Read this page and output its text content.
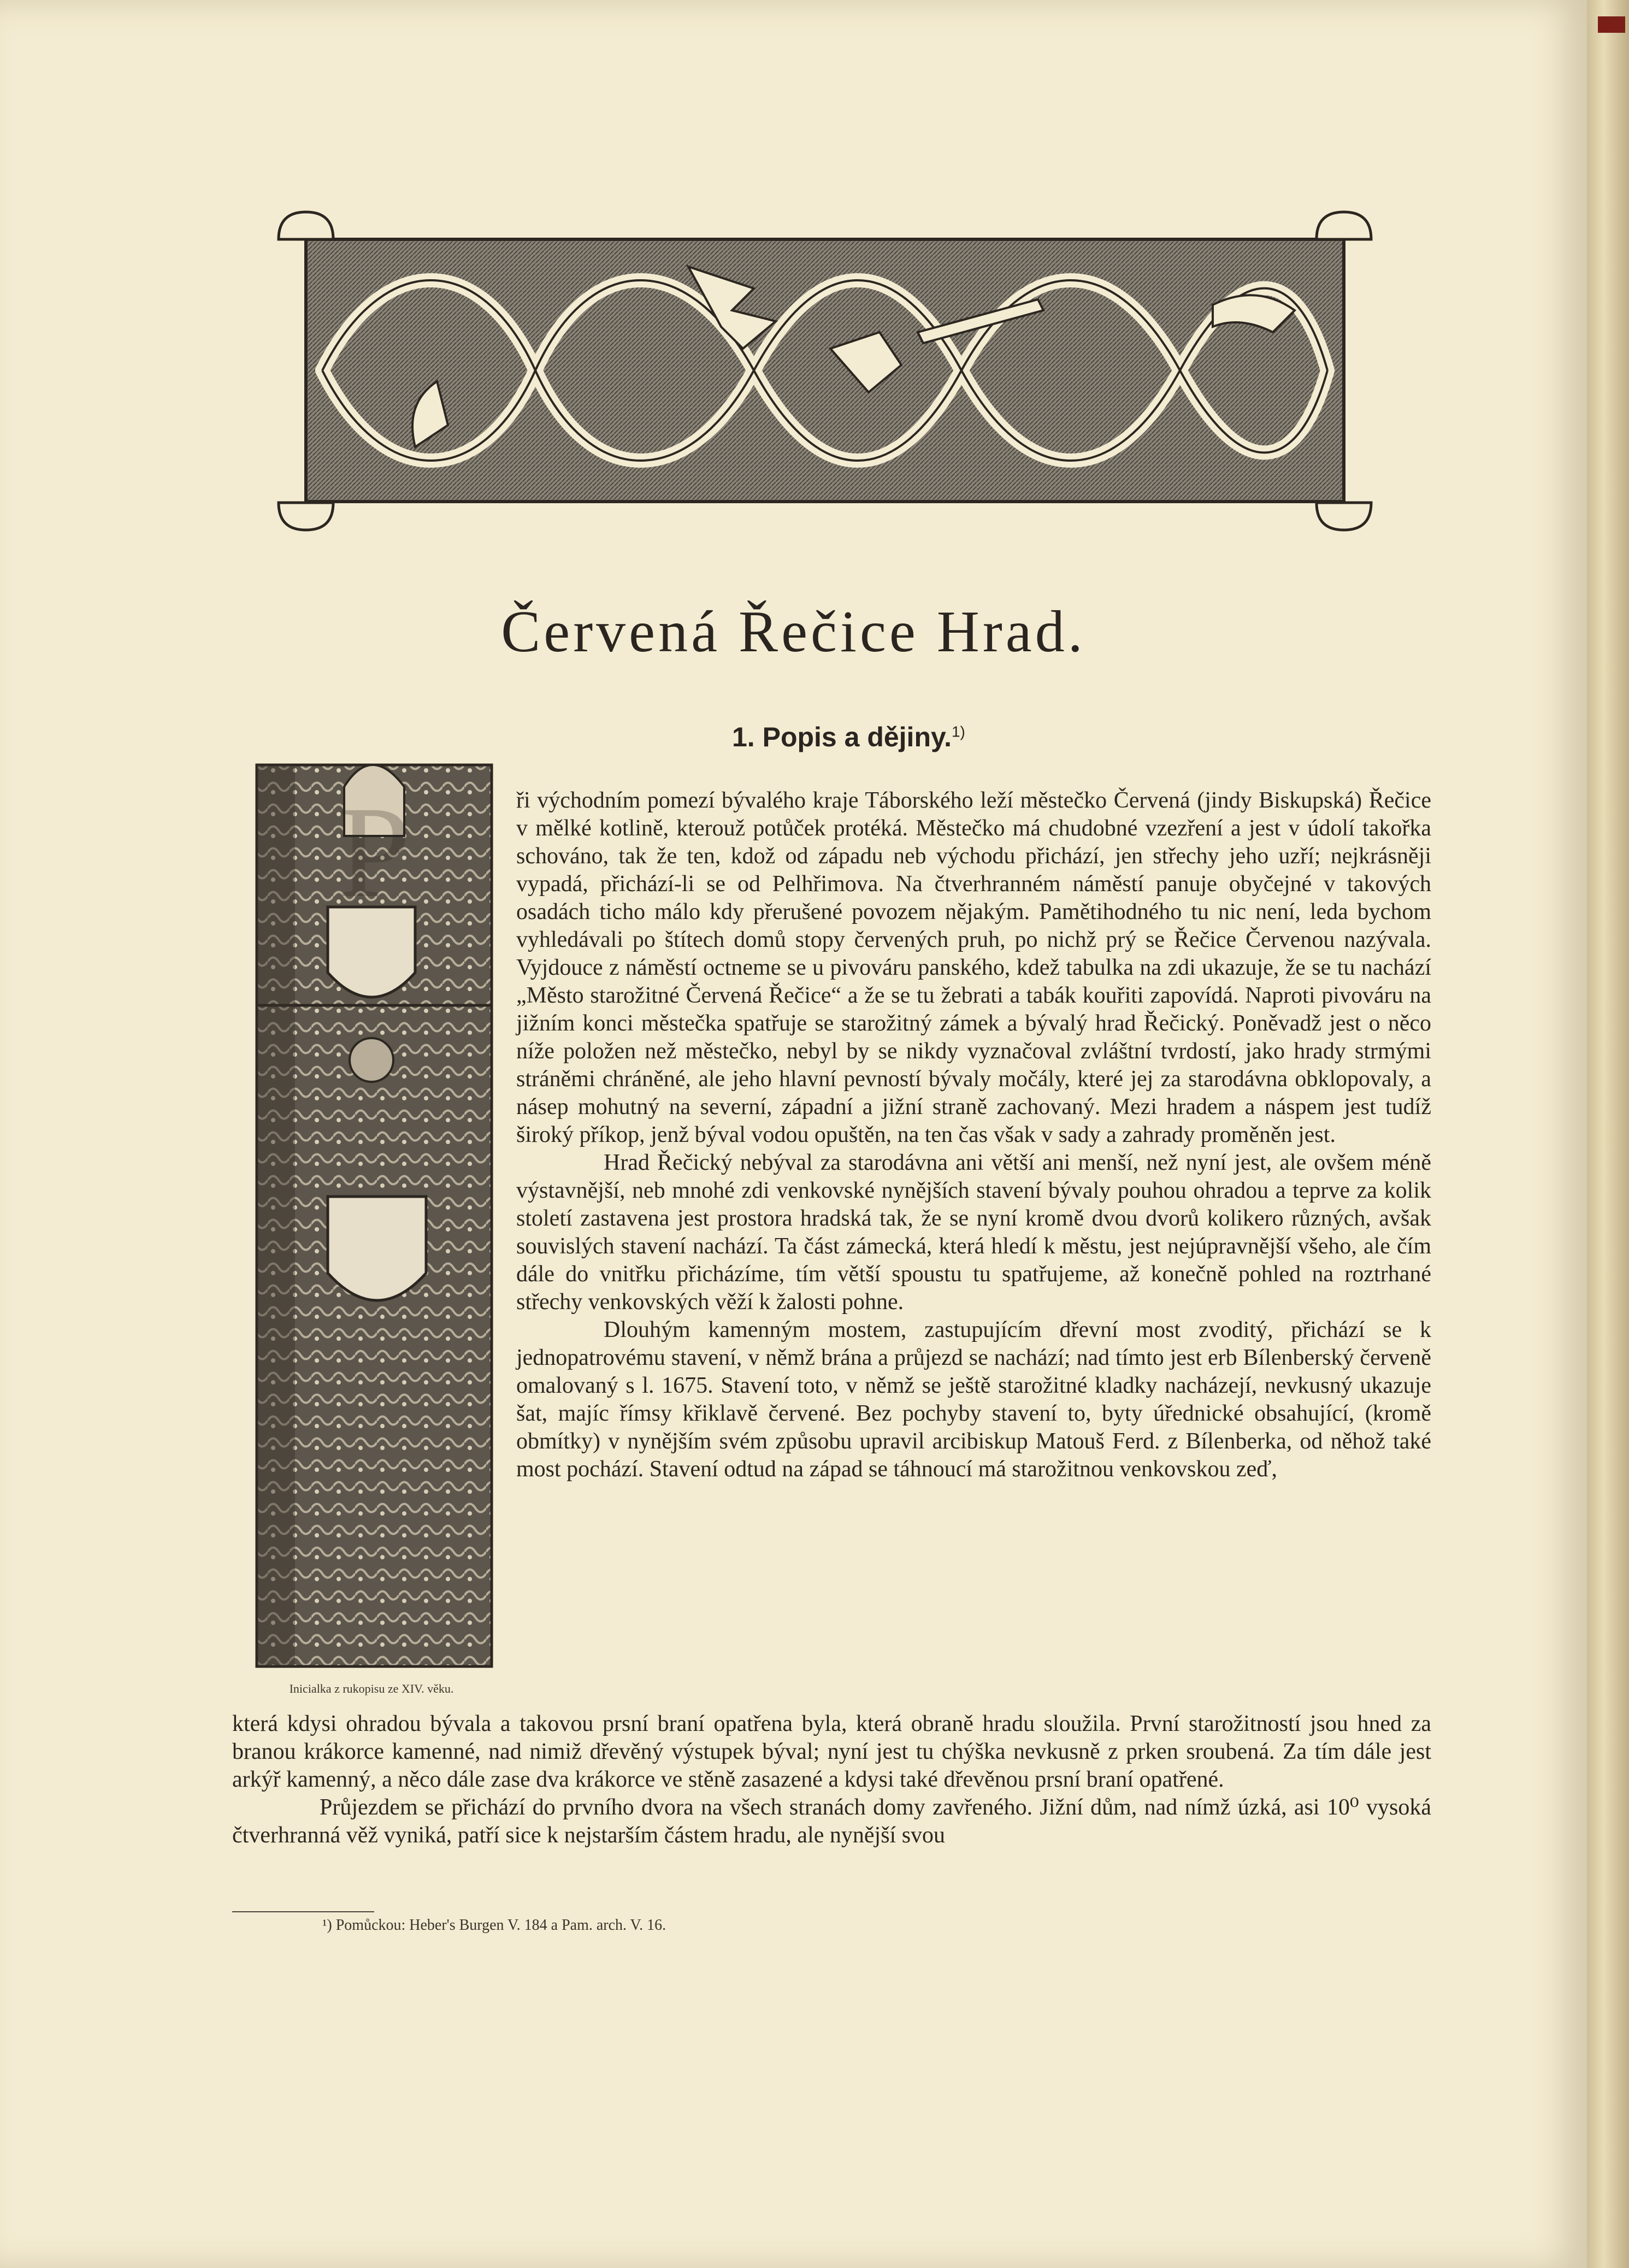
Červená Řečice Hrad.
1. Popis a dějiny.$^{1)}$
P
Inicialka z rukopisu ze XIV. věku.

ři východním pomezí bývalého kraje Táborského leží městečko Červená (jindy Biskupská) Řečice v mělké kotlině, kterouž potůček protéká. Městečko má chudobné vzezření a jest v údolí takořka schováno, tak že ten, kdož od západu neb východu přichází, jen střechy jeho uzří; nejkrásněji vypadá, přichází-li se od Pelhřimova. Na čtverhranném náměstí panuje obyčejné v takových osadách ticho málo kdy přerušené povozem nějakým. Pamětihodného tu nic není, leda bychom vyhledávali po štítech domů stopy červených pruh, po nichž prý se Řečice Červenou nazývala. Vyjdouce z náměstí octneme se u pivováru panského, kdež tabulka na zdi ukazuje, že se tu nachází „Město starožitné Červená Řečice“ a že se tu žebrati a tabák kouřiti zapovídá. Naproti pivováru na jižním konci městečka spatřuje se starožitný zámek a bývalý hrad Řečický. Poněvadž jest o něco níže položen než městečko, nebyl by se nikdy vyznačoval zvláštní tvrdostí, jako hrady strmými stráněmi chráněné, ale jeho hlavní pevností bývaly močály, které jej za starodávna obklopovaly, a násep mohutný na severní, západní a jižní straně zachovaný. Mezi hradem a náspem jest tudíž široký příkop, jenž býval vodou opuštěn, na ten čas však v sady a zahrady proměněn jest.

Hrad Řečický nebýval za starodávna ani větší ani menší, než nyní jest, ale ovšem méně výstavnější, neb mnohé zdi venkovské nynějších stavení bývaly pouhou ohradou a teprve za kolik století zastavena jest prostora hradská tak, že se nyní kromě dvou dvorů kolikero různých, avšak souvislých stavení nachází. Ta část zámecká, která hledí k městu, jest nejúpravnější všeho, ale čím dále do vnitřku přicházíme, tím větší spoustu tu spatřujeme, až konečně pohled na roztrhané střechy venkovských věží k žalosti pohne.

Dlouhým kamenným mostem, zastupujícím dřevní most zvoditý, přichází se k jednopatrovému stavení, v němž brána a průjezd se nachází; nad tímto jest erb Bílenberský červeně omalovaný s l. 1675. Stavení toto, v němž se ještě starožitné kladky nacházejí, nevkusný ukazuje šat, majíc římsy křiklavě červené. Bez pochyby stavení to, byty úřednické obsahující, (kromě obmítky) v nynějším svém způsobu upravil arcibiskup Matouš Ferd. z Bílenberka, od něhož také most pochází. Stavení odtud na západ se táhnoucí má starožitnou venkovskou zeď,

která kdysi ohradou bývala a takovou prsní braní opatřena byla, která obraně hradu sloužila. První starožitností jsou hned za branou krákorce kamenné, nad nimiž dřevěný výstupek býval; nyní jest tu chýška nevkusně z prken sroubená. Za tím dále jest arkýř kamenný, a něco dále zase dva krákorce ve stěně zasazené a kdysi také dřevěnou prsní braní opatřené.

Průjezdem se přichází do prvního dvora na všech stranách domy zavřeného. Jižní dům, nad nímž úzká, asi 10⁰ vysoká čtverhranná věž vyniká, patří sice k nejstarším částem hradu, ale nynější svou

¹) Pomůckou: Heber's Burgen V. 184 a Pam. arch. V. 16.
